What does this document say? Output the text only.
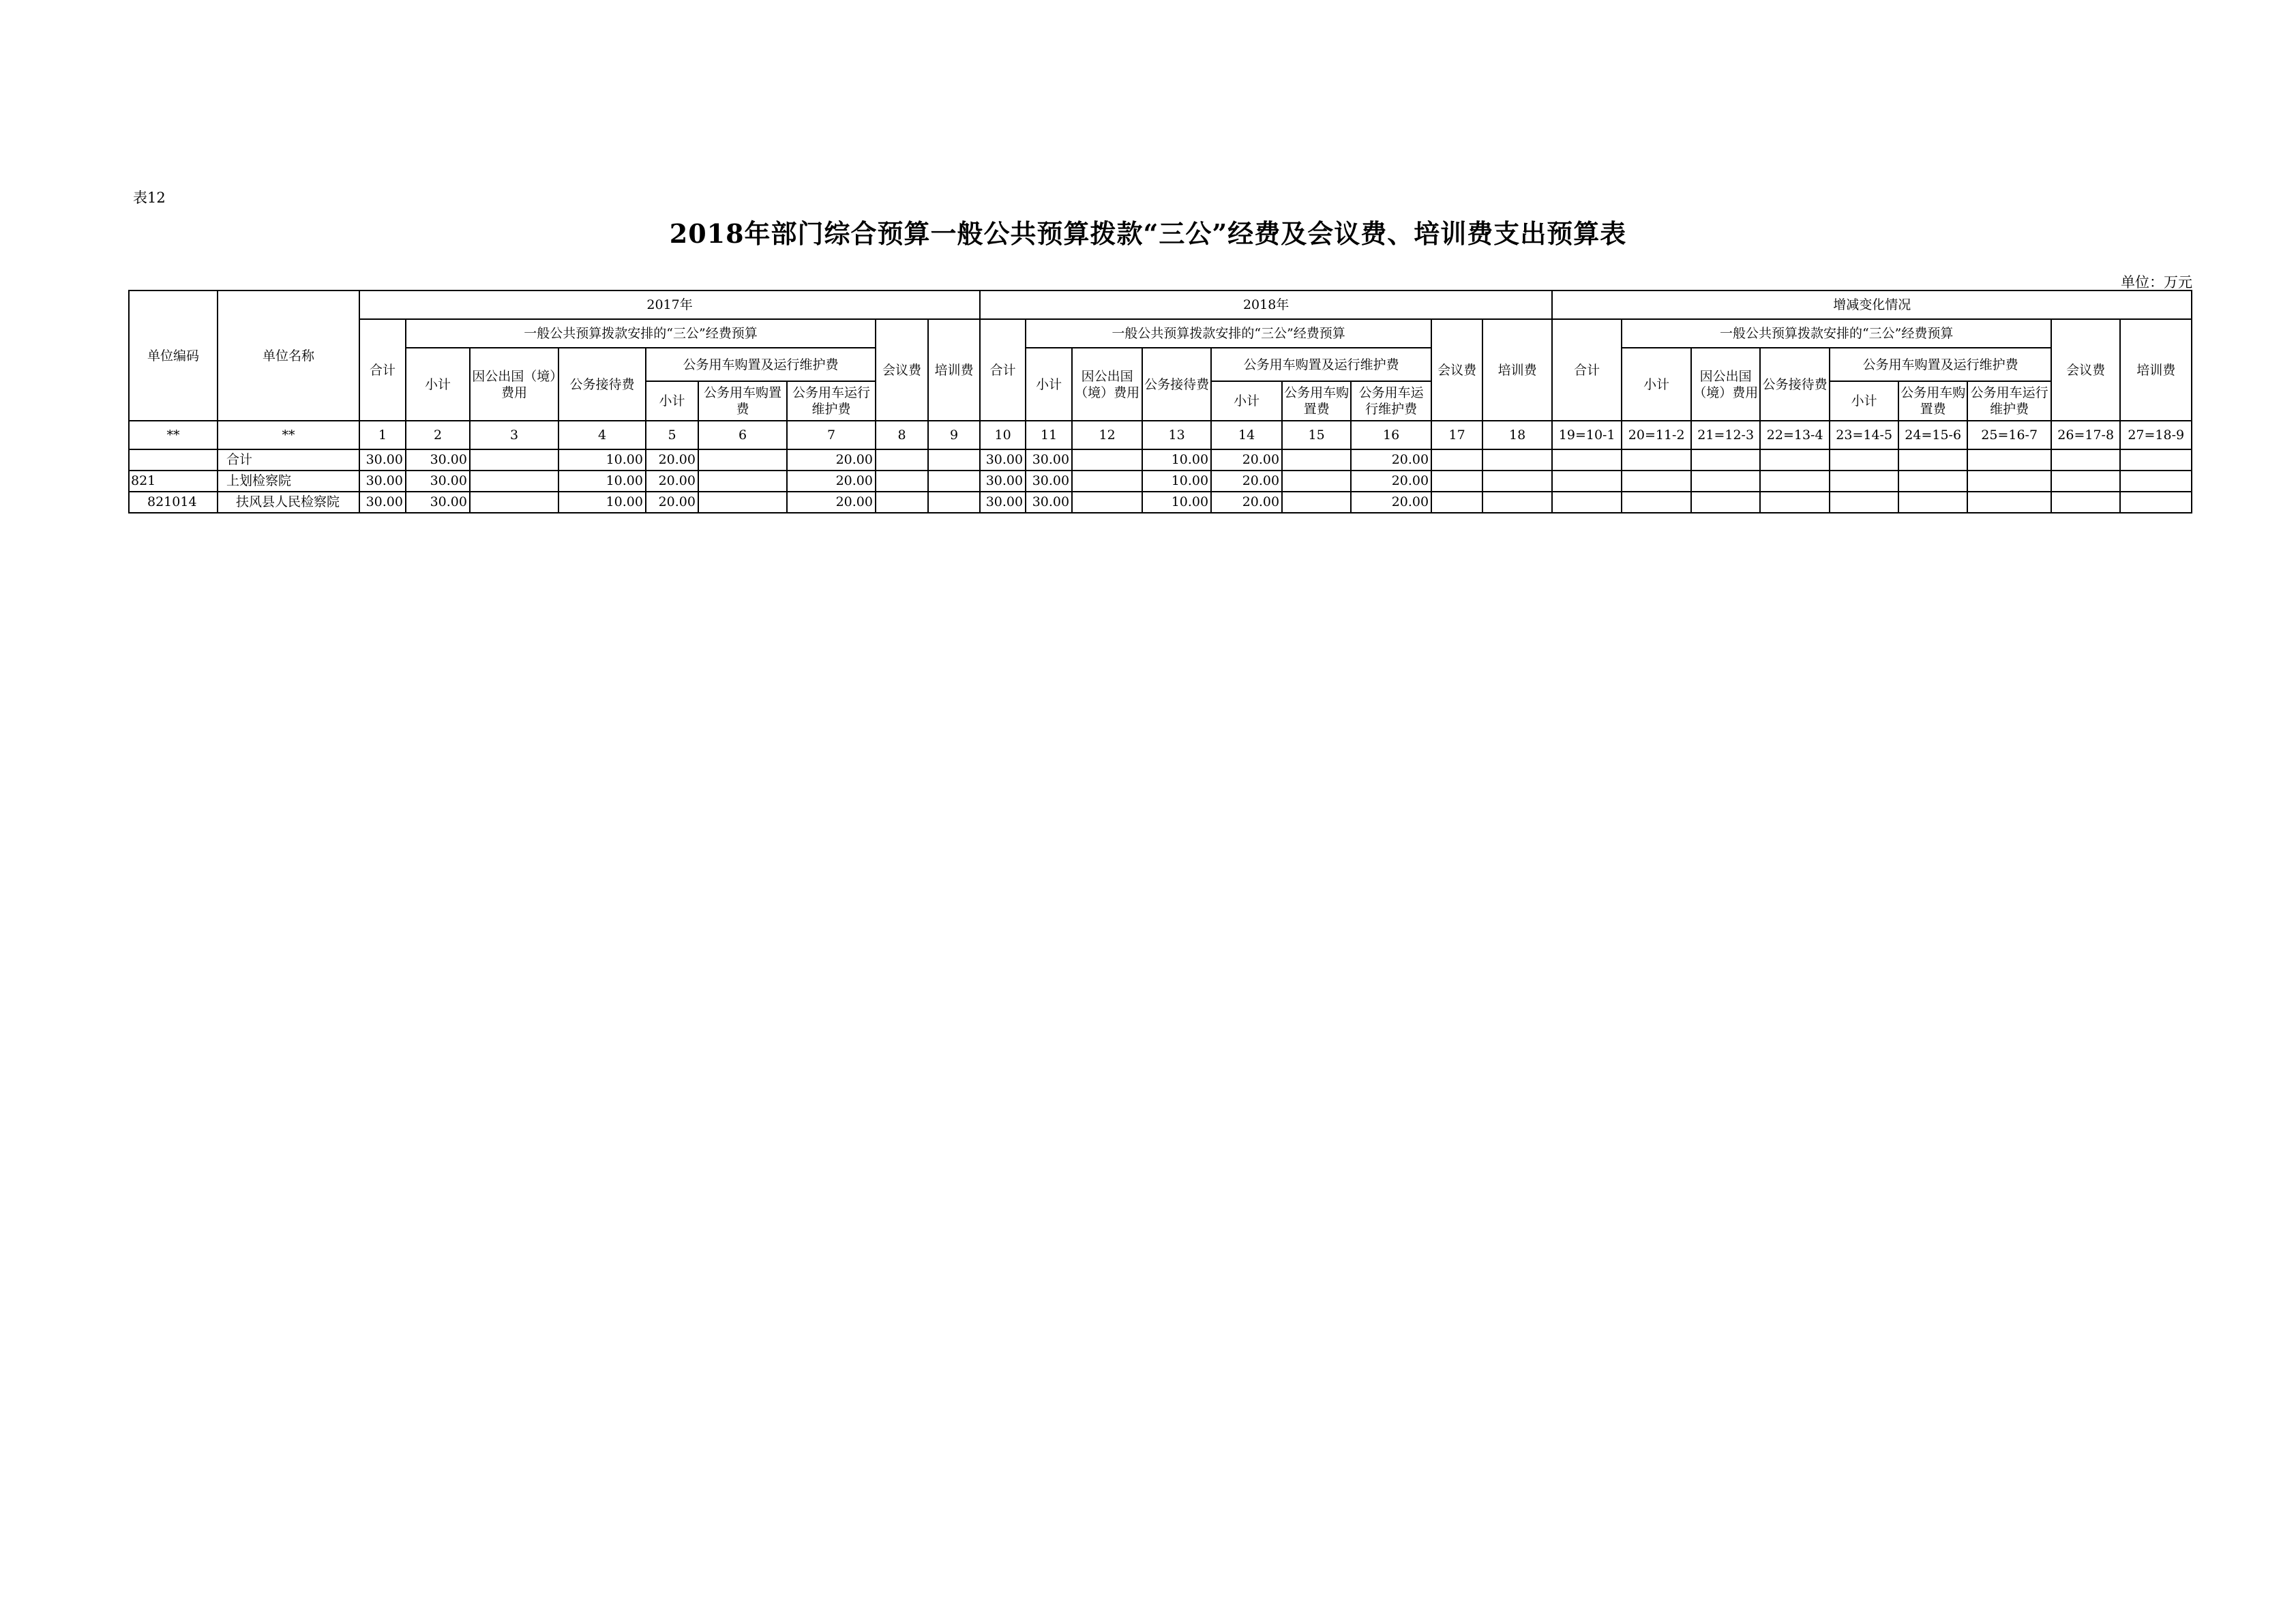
表12
2018年部门综合预算一般公共预算拨款“三公”经费及会议费、培训费支出预算表
单位：万元
单位编码	单位名称	2017年									2018年									增减变化情况								
		合计	一般公共预算拨款安排的“三公”经费预算						会议费	培训费	合计	一般公共预算拨款安排的“三公”经费预算						会议费	培训费	合计	一般公共预算拨款安排的“三公”经费预算						会议费	培训费
			小计	因公出国（境）费用	公务接待费	公务用车购置及运行维护费						小计	因公出国（境）费用	公务接待费	公务用车购置及运行维护费						小计	因公出国（境）费用	公务接待费	公务用车购置及运行维护费				
						小计	公务用车购置费	公务用车运行维护费							小计	公务用车购置费	公务用车运行维护费							小计	公务用车购置费	公务用车运行维护费		
**	**	1	2	3	4	5	6	7	8	9	10	11	12	13	14	15	16	17	18	19=10-1	20=11-2	21=12-3	22=13-4	23=14-5	24=15-6	25=16-7	26=17-8	27=18-9
	合计	30.00	30.00		10.00	20.00		20.00			30.00	30.00		10.00	20.00		20.00											
821	上划检察院	30.00	30.00		10.00	20.00		20.00			30.00	30.00		10.00	20.00		20.00											
821014	扶风县人民检察院	30.00	30.00		10.00	20.00		20.00			30.00	30.00		10.00	20.00		20.00											
